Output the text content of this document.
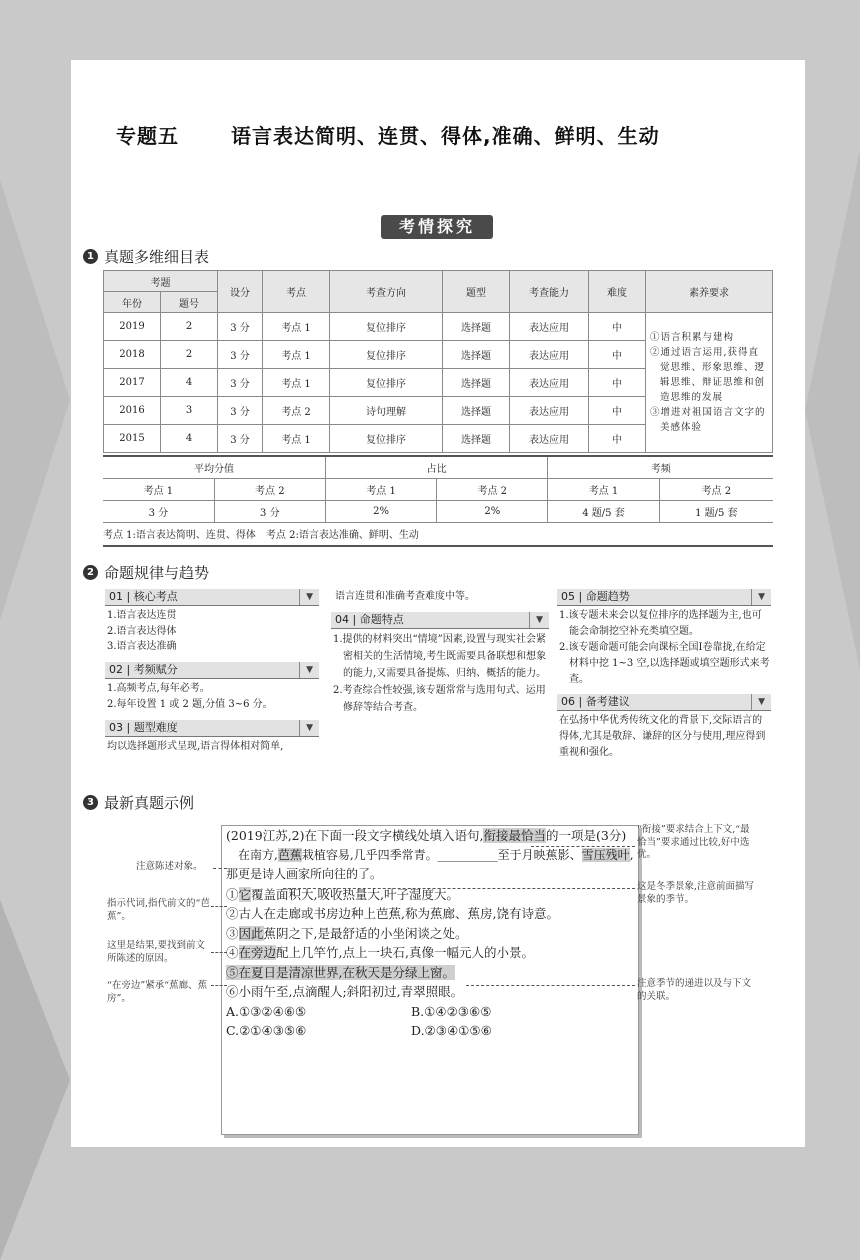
专题五	语言表达简明、连贯、得体,准确、鲜明、生动
考情探究
1 真题多维细目表
考题		设分	考点	考查方向	题型	考查能力	难度	素养要求
年份	题号							
2019	2	3 分	考点 1	复位排序	选择题	表达应用	中	①语言积累与建构
②通过语言运用,获得直觉思维、形象思维、逻辑思维、辩证思维和创造思维的发展
③增进对祖国语言文字的美感体验

2018	2	3 分	考点 1	复位排序	选择题	表达应用	中	
2017	4	3 分	考点 1	复位排序	选择题	表达应用	中	
2016	3	3 分	考点 2	诗句理解	选择题	表达应用	中	
2015	4	3 分	考点 1	复位排序	选择题	表达应用	中	
平均分值		占比		考频	
考点 1	考点 2	考点 1	考点 2	考点 1	考点 2
3 分	3 分	2%	2%	4 题/5 套	1 题/5 套
考点 1:语言表达简明、连贯、得体　考点 2:语言表达准确、鲜明、生动
2 命题规律与趋势
01 | 核心考点	▼

1.语言表达连贯

2.语言表达得体

3.语言表达准确

02 | 考频赋分	▼

1.高频考点,每年必考。

2.每年设置 1 或 2 题,分值 3~6 分。

03 | 题型难度	▼

均以选择题形式呈现,语言得体相对简单,

语言连贯和准确考查难度中等。

04 | 命题特点	▼

1.提供的材料突出“情境”因素,设置与现实社会紧密相关的生活情境,考生既需要具备联想和想象的能力,又需要具备提炼、归纳、概括的能力。

2.考查综合性较强,该专题常常与选用句式、运用修辞等结合考查。

05 | 命题趋势	▼

1.该专题未来会以复位排序的选择题为主,也可能会命制挖空补充类填空题。

2.该专题命题可能会向课标全国Ⅰ卷靠拢,在给定材料中挖 1~3 空,以选择题或填空题形式来考查。

06 | 备考建议	▼

在弘扬中华优秀传统文化的背景下,交际语言的得体,尤其是敬辞、谦辞的区分与使用,理应得到重视和强化。

3 最新真题示例

(2019江苏,2)在下面一段文字横线处填入语句,衔接最恰当的一项是(3分)

　在南方,芭蕉栽植容易,几乎四季常青。__________至于月映蕉影、雪压残叶,那更是诗人画家所向往的了。

①它覆盖面积大,吸收热量大,叶子湿度大。

②古人在走廊或书房边种上芭蕉,称为蕉廊、蕉房,饶有诗意。

③因此蕉阴之下,是最舒适的小坐闲谈之处。

④在旁边配上几竿竹,点上一块石,真像一幅元人的小景。

⑤在夏日是清凉世界,在秋天是分绿上窗。

⑥小雨午至,点滴醒人;斜阳初过,青翠照眼。

A.①③②④⑥⑤	B.①④②③⑥⑤
C.②①④③⑤⑥	D.②③④①⑤⑥
注意陈述对象。
指示代词,指代前文的“芭蕉”。
这里是结果,要找到前文所陈述的原因。
“在旁边”紧承“蕉廊、蕉房”。
“衔接”要求结合上下文,“最恰当”要求通过比较,好中选优。
这是冬季景象,注意前面描写景象的季节。
注意季节的递进以及与下文的关联。
